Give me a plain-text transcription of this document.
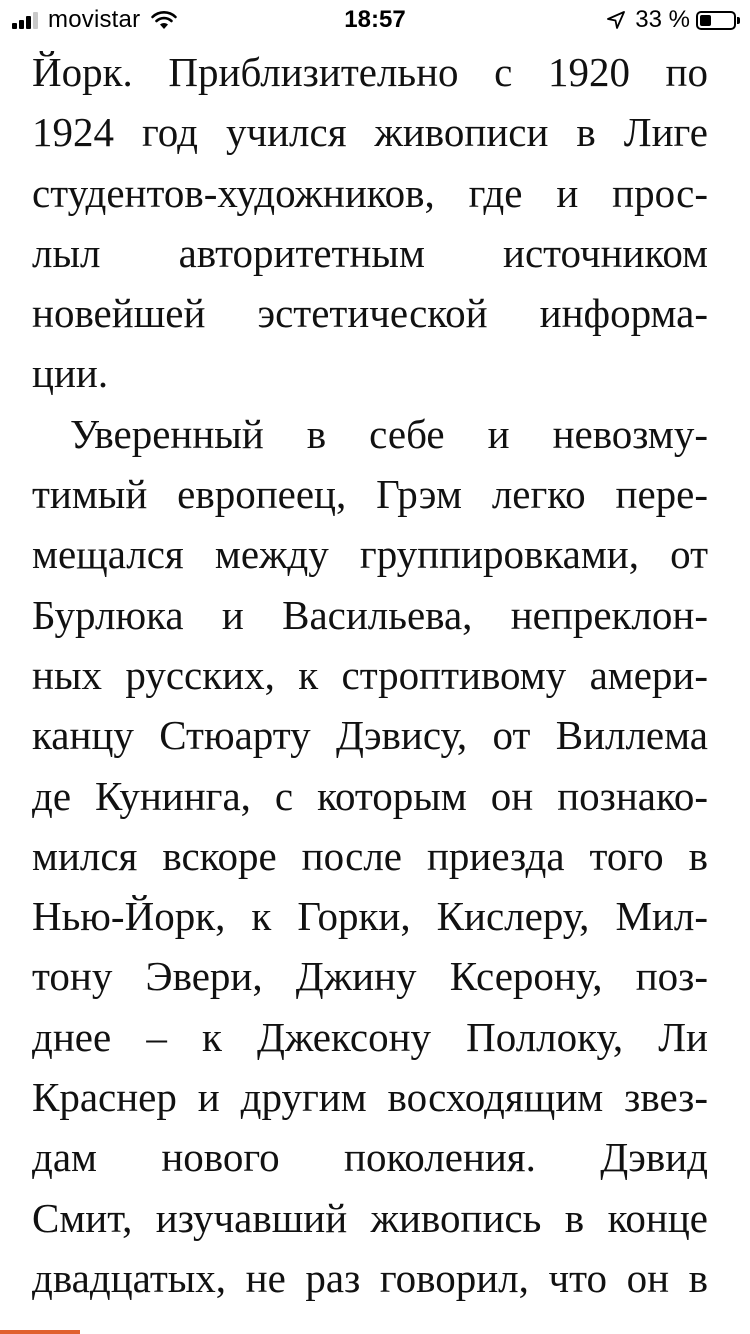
movistar	18:57	33 %
Йорк. Приблизительно с 1920 по
1924 год учился живописи в Лиге
студентов-художников, где и прос-
лыл авторитетным источником
новейшей эстетической информа-
ции.
Уверенный в себе и невозму-
тимый европеец, Грэм легко пере-
мещался между группировками, от
Бурлюка и Васильева, непреклон-
ных русских, к строптивому амери-
канцу Стюарту Дэвису, от Виллема
де Кунинга, с которым он познако-
мился вскоре после приезда того в
Нью-Йорк, к Горки, Кислеру, Мил-
тону Эвери, Джину Ксерону, поз-
днее – к Джексону Поллоку, Ли
Краснер и другим восходящим звез-
дам нового поколения. Дэвид
Смит, изучавший живопись в конце
двадцатых, не раз говорил, что он в
